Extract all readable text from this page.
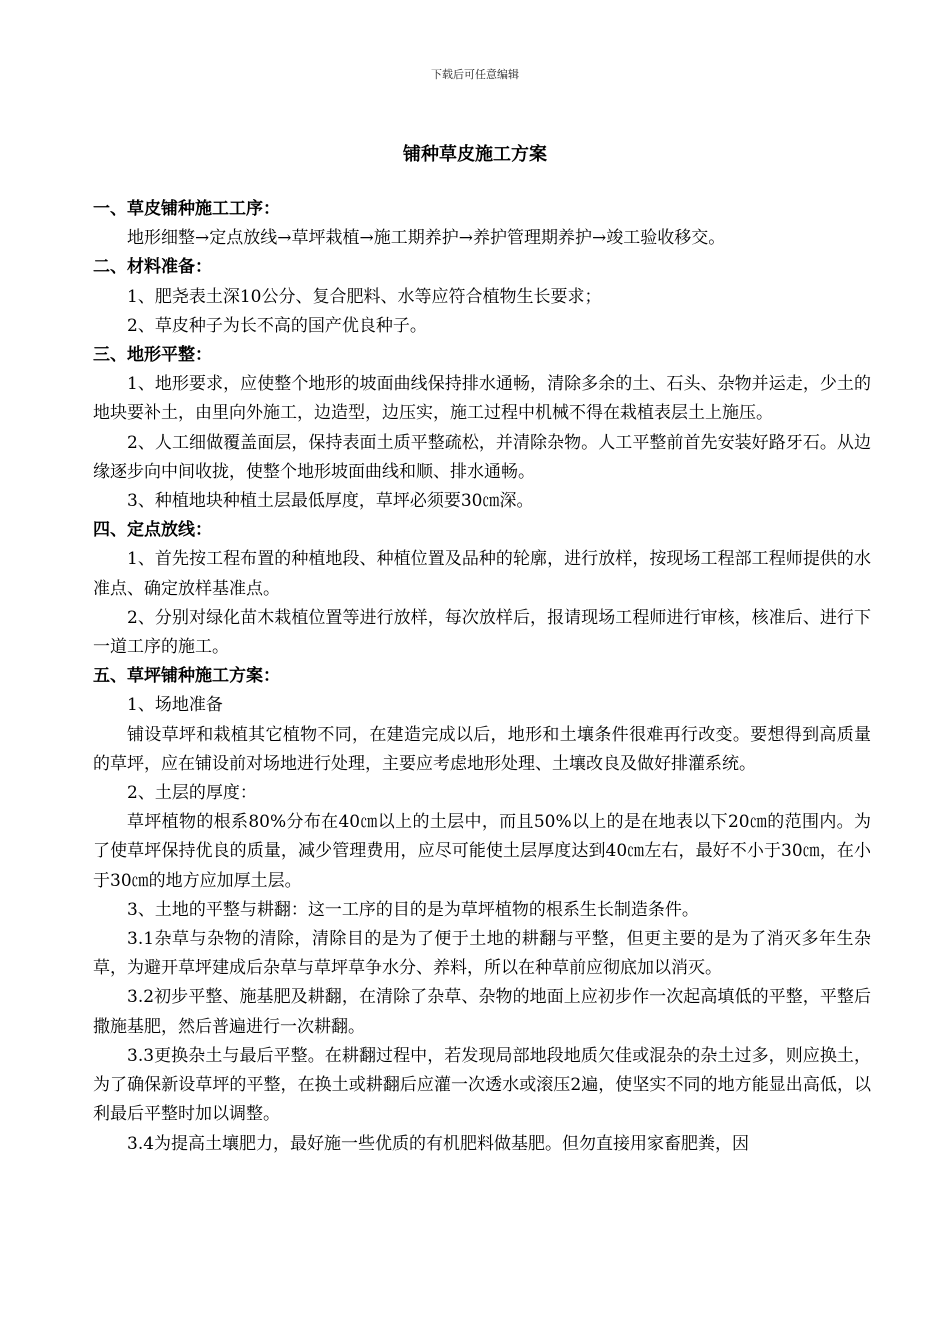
下载后可任意编辑
铺种草皮施工方案

一、草皮铺种施工工序：

地形细整→定点放线→草坪栽植→施工期养护→养护管理期养护→竣工验收移交。

二、材料准备：

1、肥尧表土深10公分、复合肥料、水等应符合植物生长要求；

2、草皮种子为长不高的国产优良种子。

三、地形平整：

1、地形要求，应使整个地形的坡面曲线保持排水通畅，清除多余的土、石头、杂物并运走，少土的地块要补土，由里向外施工，边造型，边压实，施工过程中机械不得在栽植表层土上施压。

2、人工细做覆盖面层，保持表面土质平整疏松，并清除杂物。人工平整前首先安装好路牙石。从边缘逐步向中间收拢，使整个地形坡面曲线和顺、排水通畅。

3、种植地块种植土层最低厚度，草坪必须要30㎝深。

四、定点放线：

1、首先按工程布置的种植地段、种植位置及品种的轮廓，进行放样，按现场工程部工程师提供的水准点、确定放样基准点。

2、分别对绿化苗木栽植位置等进行放样，每次放样后，报请现场工程师进行审核，核准后、进行下一道工序的施工。

五、草坪铺种施工方案：

1、场地准备

铺设草坪和栽植其它植物不同，在建造完成以后，地形和土壤条件很难再行改变。要想得到高质量的草坪，应在铺设前对场地进行处理，主要应考虑地形处理、土壤改良及做好排灌系统。

2、土层的厚度：

草坪植物的根系80%分布在40㎝以上的土层中，而且50%以上的是在地表以下20㎝的范围内。为了使草坪保持优良的质量，减少管理费用，应尽可能使土层厚度达到40㎝左右，最好不小于30㎝，在小于30㎝的地方应加厚土层。

3、土地的平整与耕翻：这一工序的目的是为草坪植物的根系生长制造条件。

3.1杂草与杂物的清除，清除目的是为了便于土地的耕翻与平整，但更主要的是为了消灭多年生杂草，为避开草坪建成后杂草与草坪草争水分、养料，所以在种草前应彻底加以消灭。

3.2初步平整、施基肥及耕翻，在清除了杂草、杂物的地面上应初步作一次起高填低的平整，平整后撒施基肥，然后普遍进行一次耕翻。

3.3更换杂土与最后平整。在耕翻过程中，若发现局部地段地质欠佳或混杂的杂土过多，则应换土，为了确保新设草坪的平整，在换土或耕翻后应灌一次透水或滚压2遍，使坚实不同的地方能显出高低，以利最后平整时加以调整。

3.4为提高土壤肥力，最好施一些优质的有机肥料做基肥。但勿直接用家畜肥粪，因
